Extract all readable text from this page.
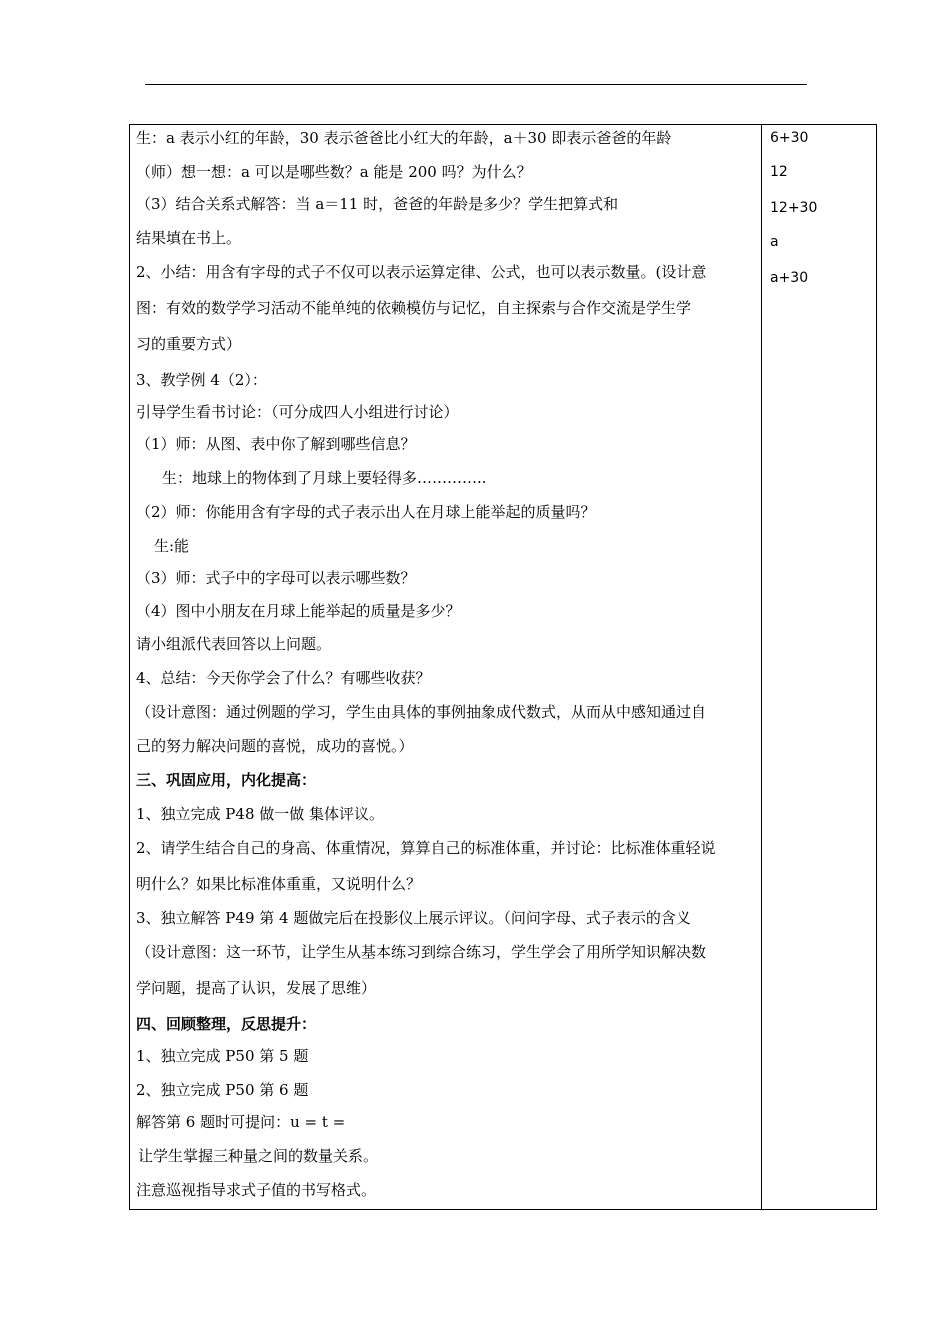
生：a 表示小红的年龄，30 表示爸爸比小红大的年龄，a＋30 即表示爸爸的年龄
（师）想一想：a 可以是哪些数？a 能是 200 吗？为什么？
（3）结合关系式解答：当 a＝11 时，爸爸的年龄是多少？学生把算式和
结果填在书上。
2、小结：用含有字母的式子不仅可以表示运算定律、公式，也可以表示数量。(设计意
图：有效的数学学习活动不能单纯的依赖模仿与记忆，自主探索与合作交流是学生学
习的重要方式）
3、教学例 4（2）：
引导学生看书讨论：（可分成四人小组进行讨论）
（1）师：从图、表中你了解到哪些信息？
生：地球上的物体到了月球上要轻得多…………..
（2）师：你能用含有字母的式子表示出人在月球上能举起的质量吗？
生:能
（3）师：式子中的字母可以表示哪些数？
（4）图中小朋友在月球上能举起的质量是多少？
请小组派代表回答以上问题。
4、总结：今天你学会了什么？有哪些收获？
（设计意图：通过例题的学习，学生由具体的事例抽象成代数式，从而从中感知通过自
己的努力解决问题的喜悦，成功的喜悦。）
三、巩固应用，内化提高：
1、独立完成 P48 做一做 集体评议。
2、请学生结合自己的身高、体重情况，算算自己的标准体重，并讨论：比标准体重轻说
明什么？如果比标准体重重，又说明什么？
3、独立解答 P49 第 4 题做完后在投影仪上展示评议。（问问字母、式子表示的含义
（设计意图：这一环节，让学生从基本练习到综合练习，学生学会了用所学知识解决数
学问题，提高了认识，发展了思维）
四、回顾整理，反思提升：
1、独立完成 P50 第 5 题
2、独立完成 P50 第 6 题
解答第 6 题时可提问：u = t =
让学生掌握三种量之间的数量关系。
注意巡视指导求式子值的书写格式。
6+30
12
12+30
a
a+30
